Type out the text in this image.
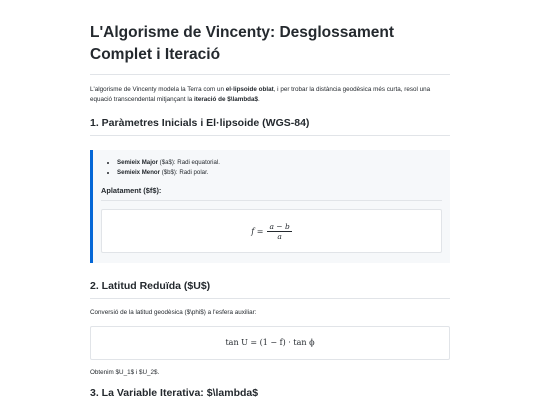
L'Algorisme de Vincenty: Desglossament Complet i Iteració

L'algorisme de Vincenty modela la Terra com un el·lipsoide oblat, i per trobar la distància geodèsica més curta, resol una equació transcendental mitjançant la iteració de $\lambda$.

1. Paràmetres Inicials i El·lipsoide (WGS-84)
• Semieix Major ($a$): Radi equatorial.
• Semieix Menor ($b$): Radi polar.
Aplatament ($f$):
$f = \frac{a - b}{a}$
2. Latitud Reduïda ($U$)

Conversió de la latitud geodèsica ($\phi$) a l'esfera auxiliar:

tan U = (1 − f) · tan ϕ

Obtenim $U_1$ i $U_2$.

3. La Variable Iterativa: $\lambda$
